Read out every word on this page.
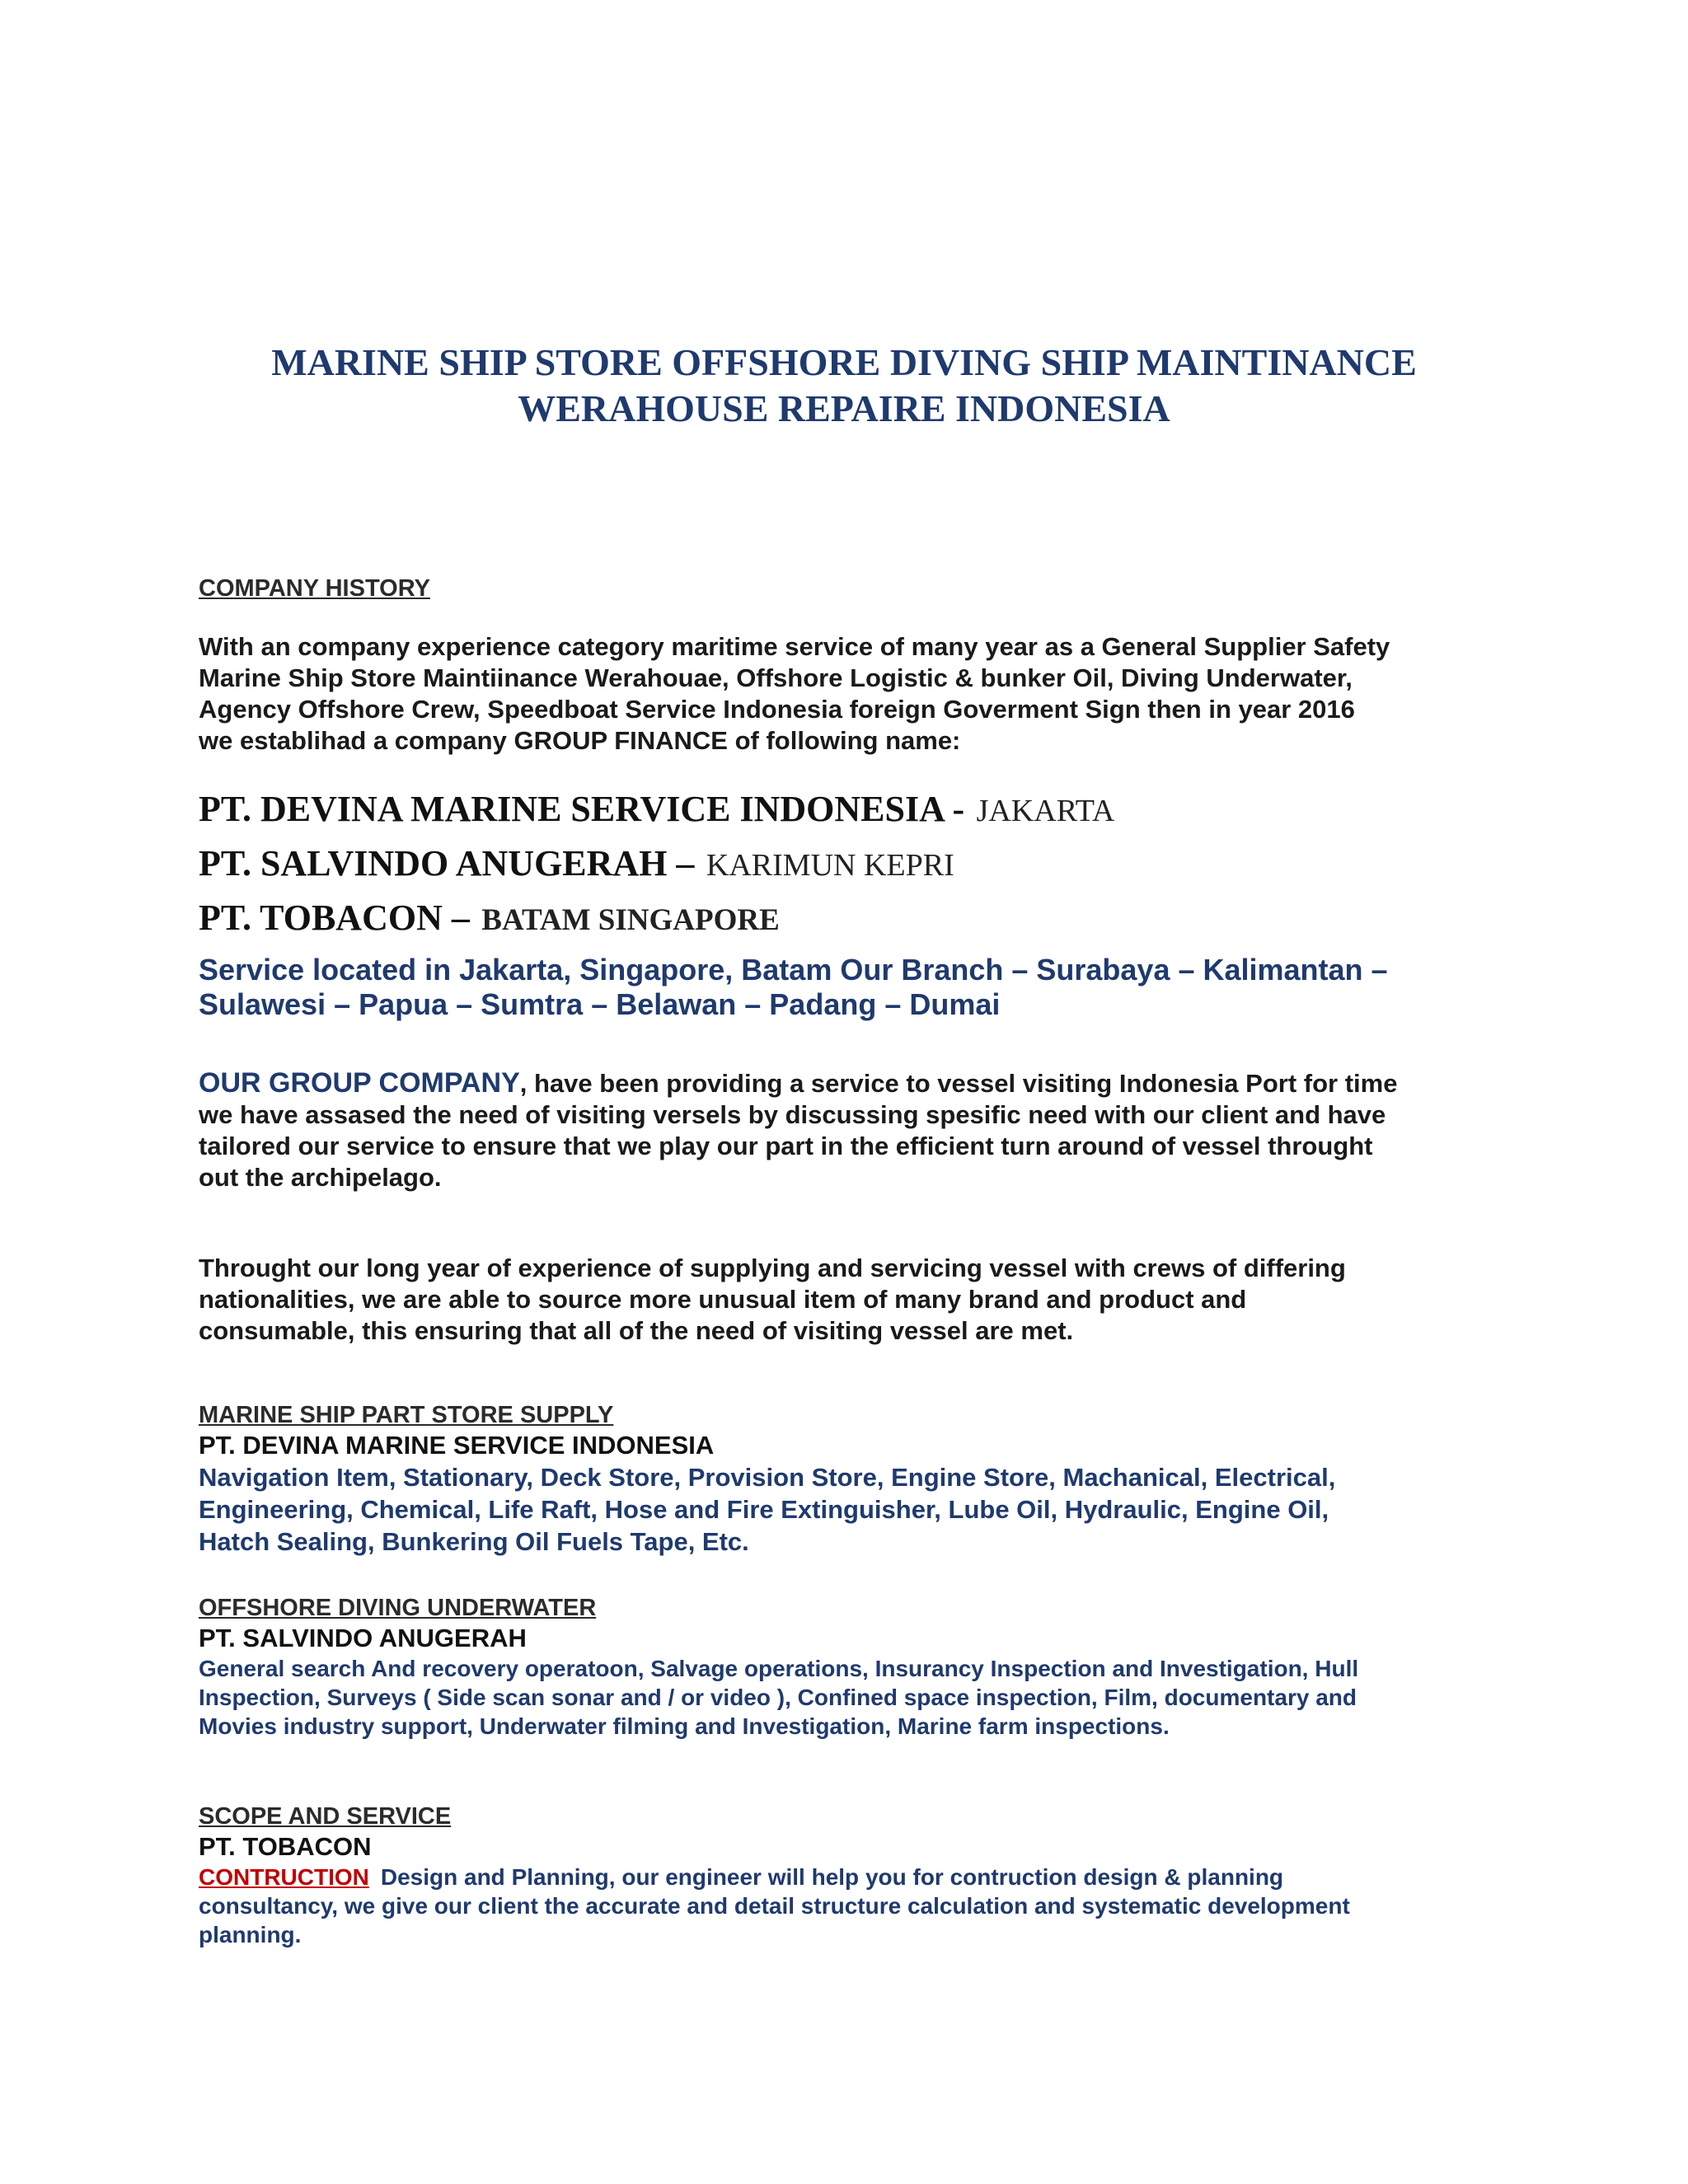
MARINE SHIP STORE OFFSHORE DIVING SHIP MAINTINANCE
WERAHOUSE REPAIRE INDONESIA
COMPANY HISTORY
With an company experience category maritime service of many year as a General Supplier Safety
Marine Ship Store Maintiinance Werahouae, Offshore Logistic & bunker Oil, Diving Underwater,
Agency Offshore Crew, Speedboat Service Indonesia foreign Goverment Sign then in year 2016
we establihad a company GROUP FINANCE of following name:
PT. DEVINA MARINE SERVICE INDONESIA - JAKARTA
PT. SALVINDO ANUGERAH – KARIMUN KEPRI
PT. TOBACON – BATAM SINGAPORE
Service located in Jakarta, Singapore, Batam Our Branch – Surabaya – Kalimantan –
Sulawesi – Papua – Sumtra – Belawan – Padang – Dumai
OUR GROUP COMPANY, have been providing a service to vessel visiting Indonesia Port for time
we have assased the need of visiting versels by discussing spesific need with our client and have
tailored our service to ensure that we play our part in the efficient turn around of vessel throught
out the archipelago.
Throught our long year of experience of supplying and servicing vessel with crews of differing
nationalities, we are able to source more unusual item of many brand and product and
consumable, this ensuring that all of the need of visiting vessel are met.
MARINE SHIP PART STORE SUPPLY
PT. DEVINA MARINE SERVICE INDONESIA
Navigation Item, Stationary, Deck Store, Provision Store, Engine Store, Machanical, Electrical,
Engineering, Chemical, Life Raft, Hose and Fire Extinguisher, Lube Oil, Hydraulic, Engine Oil,
Hatch Sealing, Bunkering Oil Fuels Tape, Etc.
OFFSHORE DIVING UNDERWATER
PT. SALVINDO ANUGERAH
General search And recovery operatoon, Salvage operations, Insurancy Inspection and Investigation, Hull
Inspection, Surveys ( Side scan sonar and / or video ), Confined space inspection, Film, documentary and
Movies industry support, Underwater filming and Investigation, Marine farm inspections.
SCOPE AND SERVICE
PT. TOBACON
CONTRUCTION Design and Planning, our engineer will help you for contruction design & planning
consultancy, we give our client the accurate and detail structure calculation and systematic development
planning.
